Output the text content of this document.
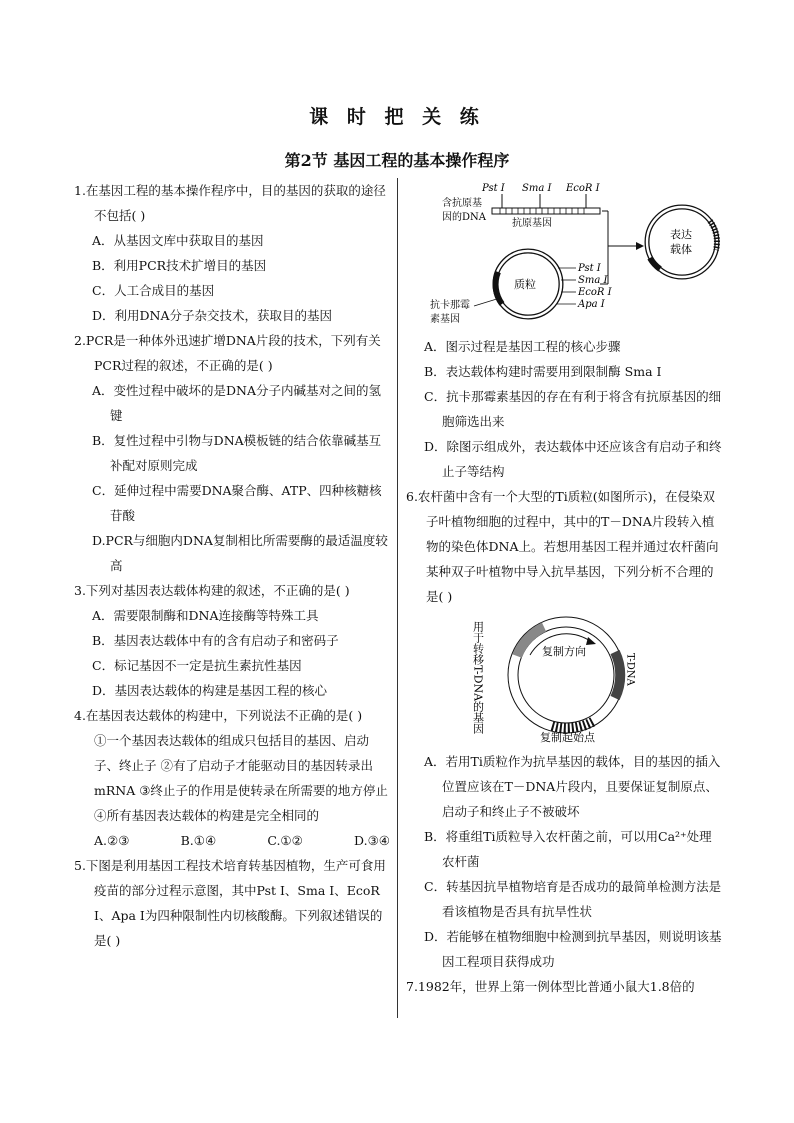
课 时 把 关 练
第2节 基因工程的基本操作程序

1.在基因工程的基本操作程序中，目的基因的获取的途径不包括( )

A．从基因文库中获取目的基因

B．利用PCR技术扩增目的基因

C．人工合成目的基因

D．利用DNA分子杂交技术，获取目的基因

2.PCR是一种体外迅速扩增DNA片段的技术，下列有关PCR过程的叙述，不正确的是( )

A．变性过程中破坏的是DNA分子内碱基对之间的氢键

B．复性过程中引物与DNA模板链的结合依靠碱基互补配对原则完成

C．延伸过程中需要DNA聚合酶、ATP、四种核糖核苷酸

D.PCR与细胞内DNA复制相比所需要酶的最适温度较高

3.下列对基因表达载体构建的叙述，不正确的是( )

A．需要限制酶和DNA连接酶等特殊工具

B．基因表达载体中有的含有启动子和密码子

C．标记基因不一定是抗生素抗性基因

D．基因表达载体的构建是基因工程的核心

4.在基因表达载体的构建中，下列说法不正确的是( )

①一个基因表达载体的组成只包括目的基因、启动子、终止子 ②有了启动子才能驱动目的基因转录出mRNA ③终止子的作用是使转录在所需要的地方停止 ④所有基因表达载体的构建是完全相同的

A.②③	B.①④	C.①②	D.③④

5.下图是利用基因工程技术培育转基因植物，生产可食用疫苗的部分过程示意图，其中Pst Ⅰ、Sma Ⅰ、EcoR Ⅰ、Apa Ⅰ为四种限制性内切核酸酶。下列叙述错误的是( )

Pst Ⅰ Sma Ⅰ EcoR Ⅰ
含抗原基
因的DNA
抗原基因
质粒
Pst Ⅰ
Sma Ⅰ
EcoR Ⅰ
Apa Ⅰ
抗卡那霉
素基因
表达
载体

A．图示过程是基因工程的核心步骤

B．表达载体构建时需要用到限制酶 Sma Ⅰ

C．抗卡那霉素基因的存在有利于将含有抗原基因的细胞筛选出来

D．除图示组成外，表达载体中还应该含有启动子和终止子等结构

6.农杆菌中含有一个大型的Ti质粒(如图所示)，在侵染双子叶植物细胞的过程中，其中的T－DNA片段转入植物的染色体DNA上。若想用基因工程并通过农杆菌向某种双子叶植物中导入抗旱基因，下列分析不合理的是( )

用于转移T-DNA的基因	复制方向
T-DNA
复制起始点

A．若用Ti质粒作为抗旱基因的载体，目的基因的插入位置应该在T－DNA片段内，且要保证复制原点、启动子和终止子不被破坏

B．将重组Ti质粒导入农杆菌之前，可以用Ca²⁺处理农杆菌

C．转基因抗旱植物培育是否成功的最简单检测方法是看该植物是否具有抗旱性状

D．若能够在植物细胞中检测到抗旱基因，则说明该基因工程项目获得成功

7.1982年，世界上第一例体型比普通小鼠大1.8倍的
